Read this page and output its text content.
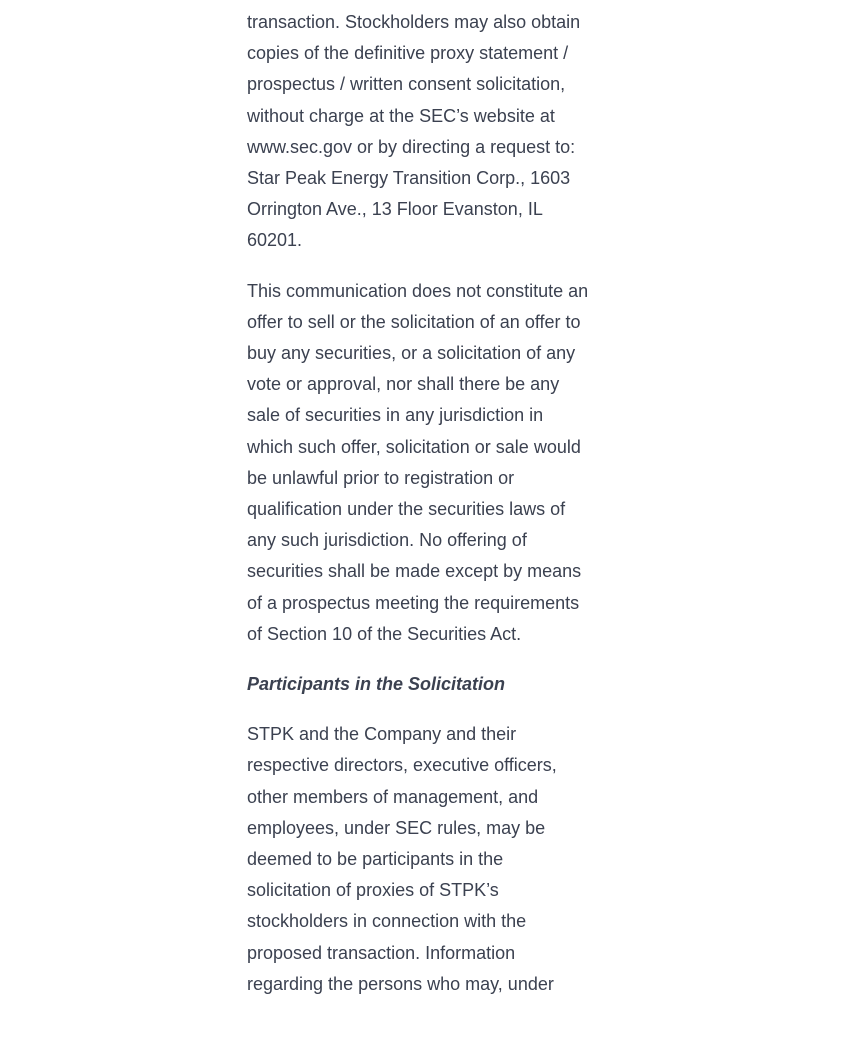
transaction. Stockholders may also obtain
copies of the definitive proxy statement /
prospectus / written consent solicitation,
without charge at the SEC’s website at
www.sec.gov or by directing a request to:
Star Peak Energy Transition Corp., 1603
Orrington Ave., 13 Floor Evanston, IL
60201.

This communication does not constitute an
offer to sell or the solicitation of an offer to
buy any securities, or a solicitation of any
vote or approval, nor shall there be any
sale of securities in any jurisdiction in
which such offer, solicitation or sale would
be unlawful prior to registration or
qualification under the securities laws of
any such jurisdiction. No offering of
securities shall be made except by means
of a prospectus meeting the requirements
of Section 10 of the Securities Act.

Participants in the Solicitation

STPK and the Company and their
respective directors, executive officers,
other members of management, and
employees, under SEC rules, may be
deemed to be participants in the
solicitation of proxies of STPK’s
stockholders in connection with the
proposed transaction. Information
regarding the persons who may, under
